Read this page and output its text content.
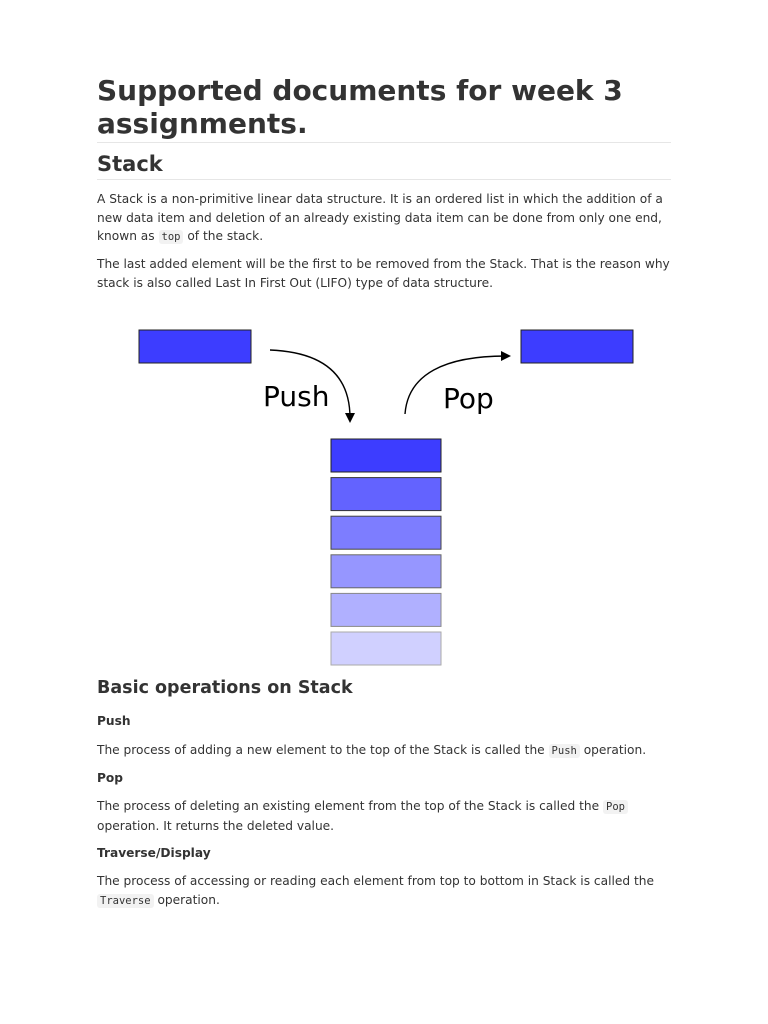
Supported documents for week 3 assignments.
Stack

A Stack is a non-primitive linear data structure. It is an ordered list in which the addition of a new data item and deletion of an already existing data item can be done from only one end, known as top of the stack.

The last added element will be the first to be removed from the Stack. That is the reason why stack is also called Last In First Out (LIFO) type of data structure.

Basic operations on Stack
Push

The process of adding a new element to the top of the Stack is called the Push operation.

Pop

The process of deleting an existing element from the top of the Stack is called the Pop operation. It returns the deleted value.

Traverse/Display

The process of accessing or reading each element from top to bottom in Stack is called the Traverse operation.

Push	Pop
